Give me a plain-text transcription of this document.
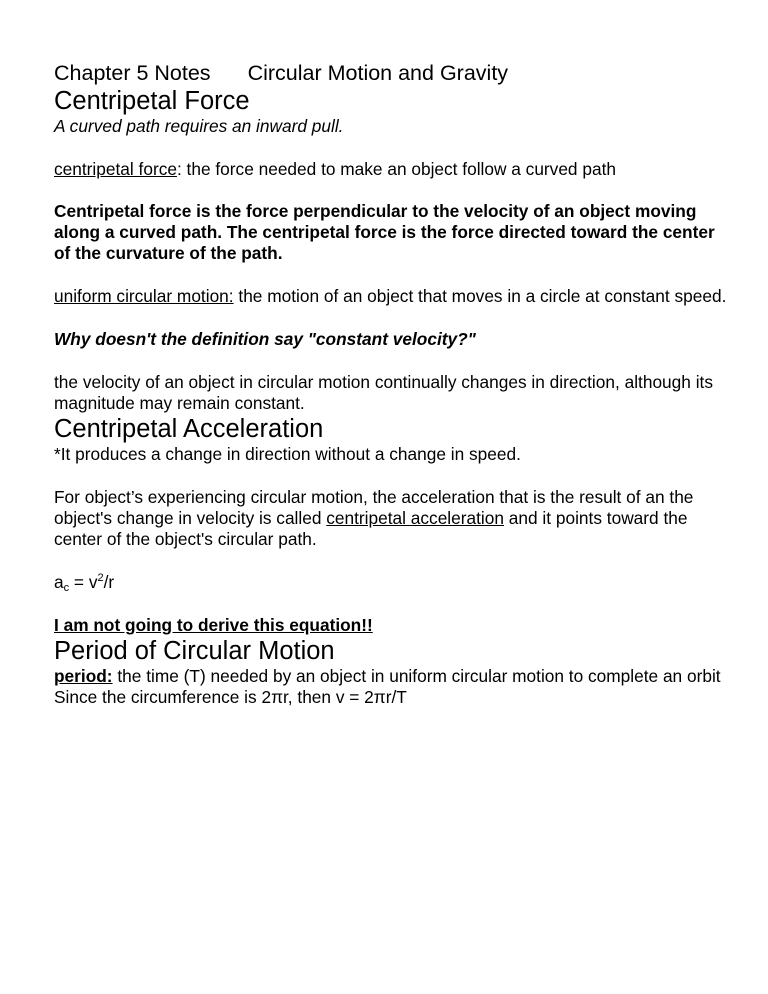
Chapter 5 Notes Circular Motion and Gravity

Centripetal Force

A curved path requires an inward pull.

centripetal force: the force needed to make an object follow a curved path

Centripetal force is the force perpendicular to the velocity of an object moving along a curved path. The centripetal force is the force directed toward the center of the curvature of the path.

uniform circular motion: the motion of an object that moves in a circle at constant speed.

Why doesn't the definition say "constant velocity?"

the velocity of an object in circular motion continually changes in direction, although its magnitude may remain constant.

Centripetal Acceleration

*It produces a change in direction without a change in speed.

For object’s experiencing circular motion, the acceleration that is the result of an the object's change in velocity is called centripetal acceleration and it points toward the center of the object's circular path.

$a_c = v^2/r$

I am not going to derive this equation!!

Period of Circular Motion

period: the time (T) needed by an object in uniform circular motion to complete an orbit

Since the circumference is 2πr, then v = 2πr/T
